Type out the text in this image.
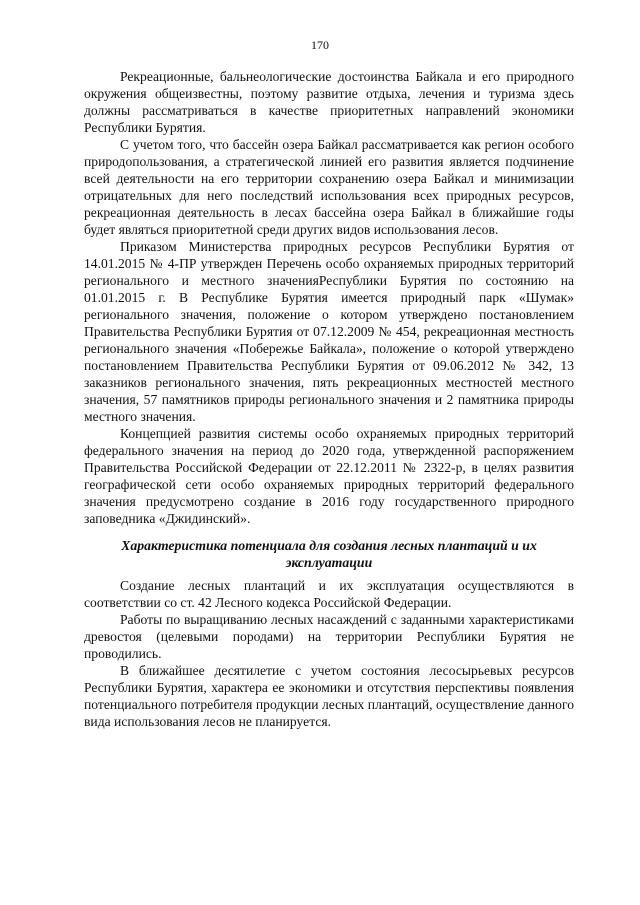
170

Рекреационные, бальнеологические достоинства Байкала и его природного окружения общеизвестны, поэтому развитие отдыха, лечения и туризма здесь должны рассматриваться в качестве приоритетных направлений экономики Республики Бурятия.

С учетом того, что бассейн озера Байкал рассматривается как регион особого природопользования, а стратегической линией его развития является подчинение всей деятельности на его территории сохранению озера Байкал и минимизации отрицательных для него последствий использования всех природных ресурсов, рекреационная деятельность в лесах бассейна озера Байкал в ближайшие годы будет являться приоритетной среди других видов использования лесов.

Приказом Министерства природных ресурсов Республики Бурятия от 14.01.2015 № 4-ПР утвержден Перечень особо охраняемых природных территорий регионального и местного значенияРеспублики Бурятия по состоянию на 01.01.2015 г. В Республике Бурятия имеется природный парк «Шумак» регионального значения, положение о котором утверждено постановлением Правительства Республики Бурятия от 07.12.2009 № 454, рекреационная местность регионального значения «Побережье Байкала», положение о которой утверждено постановлением Правительства Республики Бурятия от 09.06.2012 № 342, 13 заказников регионального значения, пять рекреационных местностей местного значения, 57 памятников природы регионального значения и 2 памятника природы местного значения.

Концепцией развития системы особо охраняемых природных территорий федерального значения на период до 2020 года, утвержденной распоряжением Правительства Российской Федерации от 22.12.2011 № 2322-р, в целях развития географической сети особо охраняемых природных территорий федерального значения предусмотрено создание в 2016 году государственного природного заповедника «Джидинский».

Характеристика потенциала для создания лесных плантаций и их эксплуатации

Создание лесных плантаций и их эксплуатация осуществляются в соответствии со ст. 42 Лесного кодекса Российской Федерации.

Работы по выращиванию лесных насаждений с заданными характеристиками древостоя (целевыми породами) на территории Республики Бурятия не проводились.

В ближайшее десятилетие с учетом состояния лесосырьевых ресурсов Республики Бурятия, характера ее экономики и отсутствия перспективы появления потенциального потребителя продукции лесных плантаций, осуществление данного вида использования лесов не планируется.
